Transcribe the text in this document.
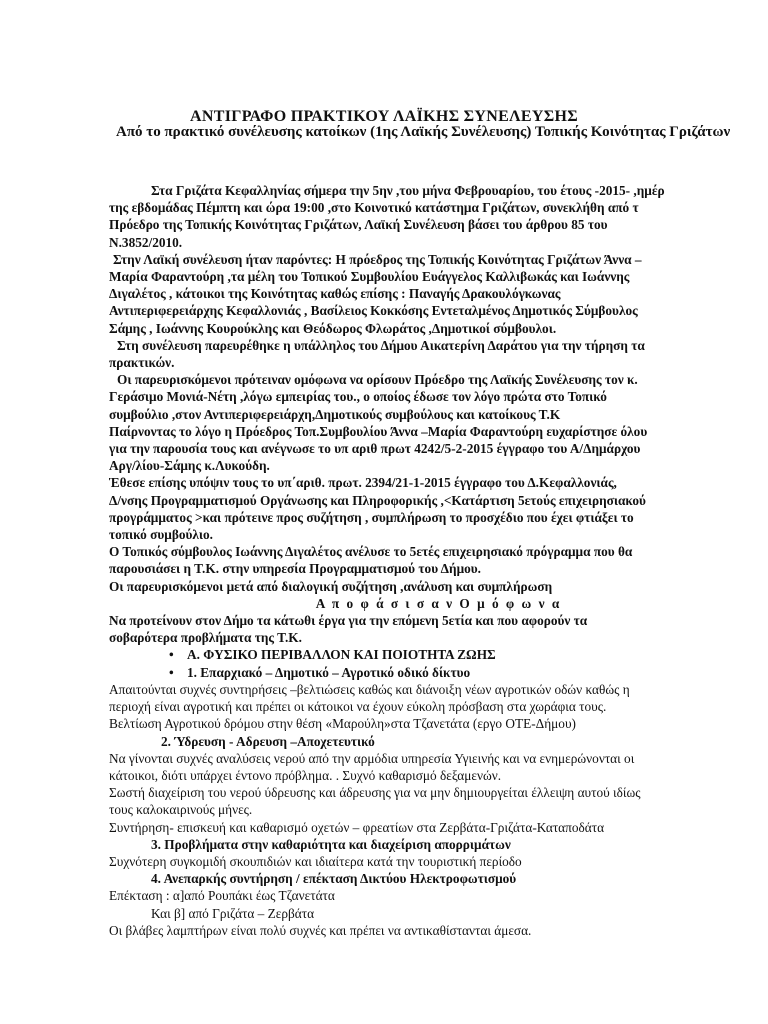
ΑΝΤΙΓΡΑΦΟ ΠΡΑΚΤΙΚΟΥ ΛΑΪΚΗΣ ΣΥΝΕΛΕΥΣΗΣ
Από το πρακτικό συνέλευσης κατοίκων (1ης Λαϊκής Συνέλευσης) Τοπικής Κοινότητας Γριζάτων

Στα Γριζάτα Κεφαλληνίας σήμερα την 5ην ,του μήνα Φεβρουαρίου, του έτους -2015- ,ημέρ

της εβδομάδας Πέμπτη και ώρα 19:00 ,στο Κοινοτικό κατάστημα Γριζάτων, συνεκλήθη από τ

Πρόεδρο της Τοπικής Κοινότητας Γριζάτων, Λαϊκή Συνέλευση βάσει του άρθρου 85 του

Ν.3852/2010.

Στην Λαϊκή συνέλευση ήταν παρόντες: Η πρόεδρος της Τοπικής Κοινότητας Γριζάτων Άννα –

Μαρία Φαραντούρη ,τα μέλη του Τοπικού Συμβουλίου Ευάγγελος Καλλιβωκάς και Ιωάννης

Διγαλέτος , κάτοικοι της Κοινότητας καθώς επίσης : Παναγής Δρακουλόγκωνας

Αντιπεριφερειάρχης Κεφαλλονιάς , Βασίλειος Κοκκόσης Εντεταλμένος Δημοτικός Σύμβουλος

Σάμης , Ιωάννης Κουρούκλης και Θεόδωρος Φλωράτος ,Δημοτικοί σύμβουλοι.

Στη συνέλευση παρευρέθηκε η υπάλληλος του Δήμου Αικατερίνη Δαράτου για την τήρηση τα

πρακτικών.

Οι παρευρισκόμενοι πρότειναν ομόφωνα να ορίσουν Πρόεδρο της Λαϊκής Συνέλευσης τον κ.

Γεράσιμο Μονιά-Νέτη ,λόγω εμπειρίας του., ο οποίος έδωσε τον λόγο πρώτα στο Τοπικό

συμβούλιο ,στον Αντιπεριφερειάρχη,Δημοτικούς συμβούλους και κατοίκους Τ.Κ

Παίρνοντας το λόγο η Πρόεδρος Τοπ.Συμβουλίου Άννα –Μαρία Φαραντούρη ευχαρίστησε όλου

για την παρουσία τους και ανέγνωσε το υπ αριθ πρωτ 4242/5-2-2015 έγγραφο του Α/Δημάρχου

Αργ/λίου-Σάμης κ.Λυκούδη.

Έθεσε επίσης υπόψιν τους το υπ΄αριθ. πρωτ. 2394/21-1-2015 έγγραφο του Δ.Κεφαλλονιάς,

Δ/νσης Προγραμματισμού Οργάνωσης και Πληροφορικής ,<Κατάρτιση 5ετούς επιχειρησιακού

προγράμματος >και πρότεινε προς συζήτηση , συμπλήρωση το προσχέδιο που έχει φτιάξει το

τοπικό συμβούλιο.

Ο Τοπικός σύμβουλος Ιωάννης Διγαλέτος ανέλυσε το 5ετές επιχειρησιακό πρόγραμμα που θα

παρουσιάσει η Τ.Κ. στην υπηρεσία Προγραμματισμού του Δήμου.

Οι παρευρισκόμενοι μετά από διαλογική συζήτηση ,ανάλυση και συμπλήρωση

Α π ο φ ά σ ι σ α ν Ο μ ό φ ω ν α

Να προτείνουν στον Δήμο τα κάτωθι έργα για την επόμενη 5ετία και που αφορούν τα

σοβαρότερα προβλήματα της Τ.Κ.

• Α. ΦΥΣΙΚΟ ΠΕΡΙΒΑΛΛΟΝ ΚΑΙ ΠΟΙΟΤΗΤΑ ΖΩΗΣ
• 1. Επαρχιακό – Δημοτικό – Αγροτικό οδικό δίκτυο

Απαιτούνται συχνές συντηρήσεις –βελτιώσεις καθώς και διάνοιξη νέων αγροτικών οδών καθώς η

περιοχή είναι αγροτική και πρέπει οι κάτοικοι να έχουν εύκολη πρόσβαση στα χωράφια τους.

Βελτίωση Αγροτικού δρόμου στην θέση «Μαρούλη»στα Τζανετάτα (εργο ΟΤΕ-Δήμου)

2. Ύδρευση - Αδρευση –Αποχετευτικό

Να γίνονται συχνές αναλύσεις νερού από την αρμόδια υπηρεσία Υγιεινής και να ενημερώνονται οι

κάτοικοι, διότι υπάρχει έντονο πρόβλημα. . Συχνό καθαρισμό δεξαμενών.

Σωστή διαχείριση του νερού ύδρευσης και άδρευσης για να μην δημιουργείται έλλειψη αυτού ιδίως

τους καλοκαιρινούς μήνες.

Συντήρηση- επισκευή και καθαρισμό οχετών – φρεατίων στα Ζερβάτα-Γριζάτα-Καταποδάτα

3. Προβλήματα στην καθαριότητα και διαχείριση απορριμάτων

Συχνότερη συγκομιδή σκουπιδιών και ιδιαίτερα κατά την τουριστική περίοδο

4. Ανεπαρκής συντήρηση / επέκταση Δικτύου Ηλεκτροφωτισμού

Επέκταση : α]από Ρουπάκι έως Τζανετάτα

Και β] από Γριζάτα – Ζερβάτα

Οι βλάβες λαμπτήρων είναι πολύ συχνές και πρέπει να αντικαθίστανται άμεσα.
